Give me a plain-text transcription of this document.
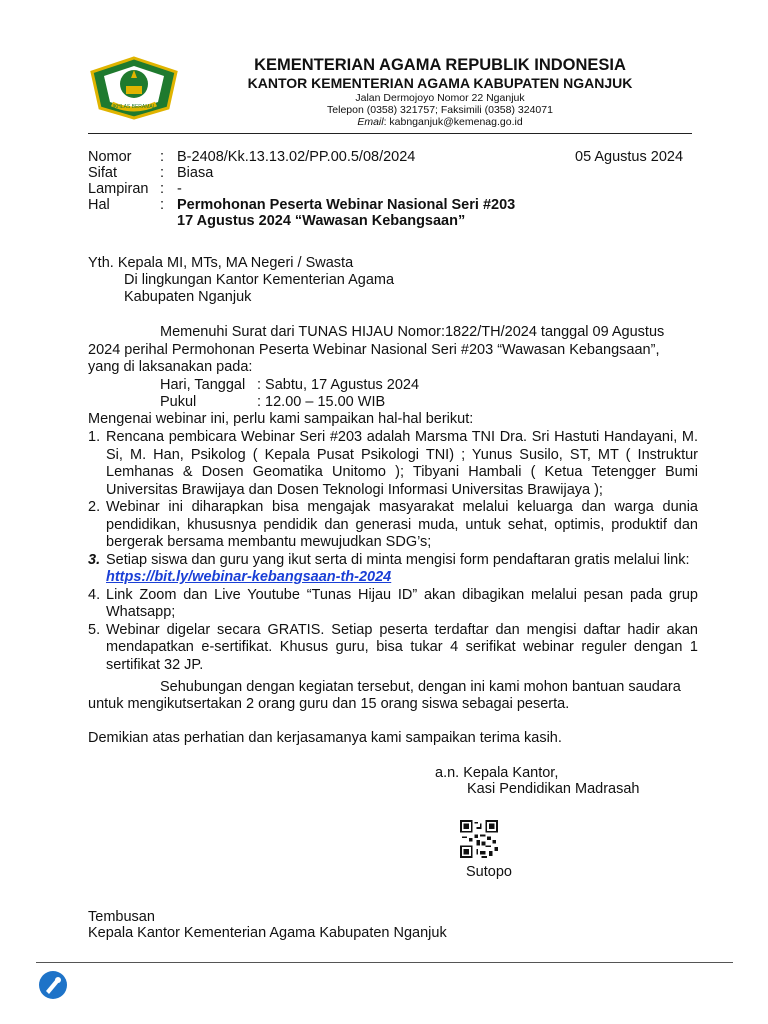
IKHLAS BERAMAL
KEMENTERIAN AGAMA REPUBLIK INDONESIA
KANTOR KEMENTERIAN AGAMA KABUPATEN NGANJUK
Jalan Dermojoyo Nomor 22 Nganjuk
Telepon (0358) 321757; Faksimili (0358) 324071
Email: kabnganjuk@kemenag.go.id
Nomor	: B-2408/Kk.13.13.02/PP.00.5/08/2024	05 Agustus 2024
Sifat	: Biasa
Lampiran : -
Hal	: Permohonan Peserta Webinar Nasional Seri #203
17 Agustus 2024 “Wawasan Kebangsaan”
Yth. Kepala MI, MTs, MA Negeri / Swasta
Di lingkungan Kantor Kementerian Agama
Kabupaten Nganjuk
Memenuhi Surat dari TUNAS HIJAU Nomor:1822/TH/2024 tanggal 09 Agustus
2024 perihal Permohonan Peserta Webinar Nasional Seri #203 “Wawasan Kebangsaan”,
yang di laksanakan pada:
Hari, Tanggal : Sabtu, 17 Agustus 2024
Pukul	: 12.00 – 15.00 WIB
Mengenai webinar ini, perlu kami sampaikan hal-hal berikut:
1. Rencana pembicara Webinar Seri #203 adalah Marsma TNI Dra. Sri Hastuti Handayani, M. Si, M. Han, Psikolog ( Kepala Pusat Psikologi TNI) ; Yunus Susilo, ST, MT ( Instruktur Lemhanas & Dosen Geomatika Unitomo ); Tibyani Hambali ( Ketua Tetengger Bumi Universitas Brawijaya dan Dosen Teknologi Informasi Universitas Brawijaya );
2. Webinar ini diharapkan bisa mengajak masyarakat melalui keluarga dan warga dunia pendidikan, khususnya pendidik dan generasi muda, untuk sehat, optimis, produktif dan bergerak bersama membantu mewujudkan SDG’s;
3. Setiap siswa dan guru yang ikut serta di minta mengisi form pendaftaran gratis melalui link:
https://bit.ly/webinar-kebangsaan-th-2024
4. Link Zoom dan Live Youtube “Tunas Hijau ID” akan dibagikan melalui pesan pada grup Whatsapp;
5. Webinar digelar secara GRATIS. Setiap peserta terdaftar dan mengisi daftar hadir akan mendapatkan e-sertifikat. Khusus guru, bisa tukar 4 serifikat webinar reguler dengan 1 sertifikat 32 JP.
Sehubungan dengan kegiatan tersebut, dengan ini kami mohon bantuan saudara
untuk mengikutsertakan 2 orang guru dan 15 orang siswa sebagai peserta.
Demikian atas perhatian dan kerjasamanya kami sampaikan terima kasih.
a.n. Kepala Kantor,
Kasi Pendidikan Madrasah
Sutopo
Tembusan
Kepala Kantor Kementerian Agama Kabupaten Nganjuk
